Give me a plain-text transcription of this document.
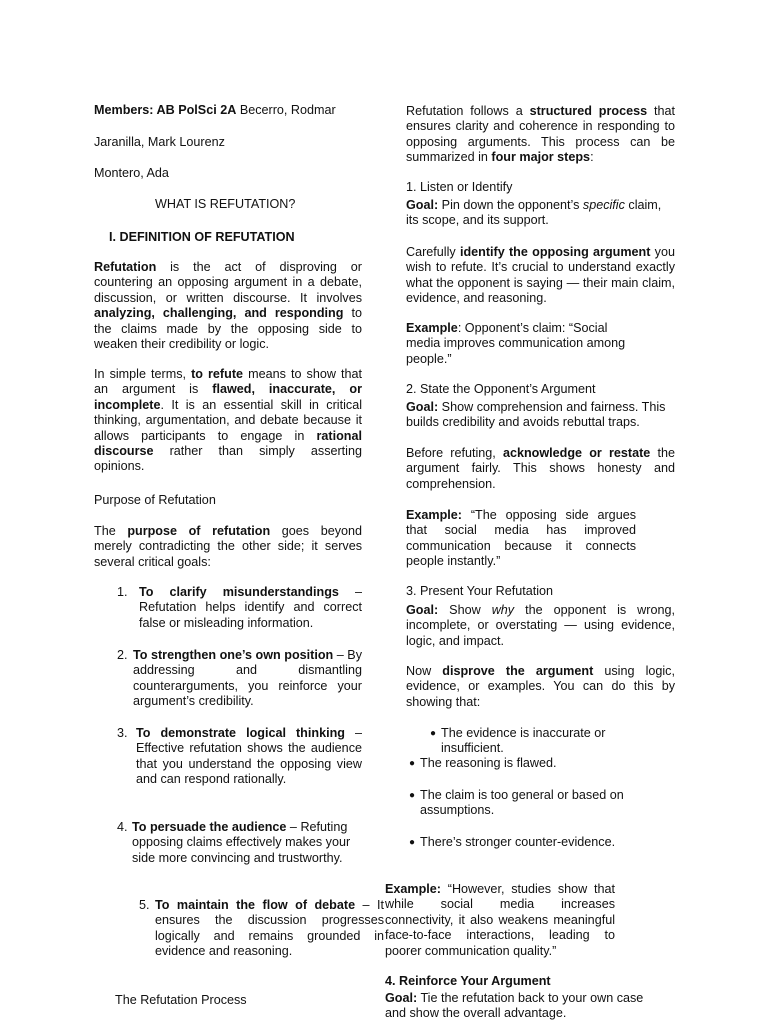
Members: AB PolSci 2A Becerro, Rodmar
Jaranilla, Mark Lourenz
Montero, Ada
WHAT IS REFUTATION?
I. DEFINITION OF REFUTATION

Refutation is the act of disproving or countering an opposing argument in a debate, discussion, or written discourse. It involves analyzing, challenging, and responding to the claims made by the opposing side to weaken their credibility or logic.

In simple terms, to refute means to show that an argument is flawed, inaccurate, or incomplete. It is an essential skill in critical thinking, argumentation, and debate because it allows participants to engage in rational discourse rather than simply asserting opinions.

Purpose of Refutation

The purpose of refutation goes beyond merely contradicting the other side; it serves several critical goals:

1. To clarify misunderstandings – Refutation helps identify and correct false or misleading information.

2. To strengthen one’s own position – By addressing and dismantling counterarguments, you reinforce your argument’s credibility.

3. To demonstrate logical thinking – Effective refutation shows the audience that you understand the opposing view and can respond rationally.

4. To persuade the audience – Refuting opposing claims effectively makes your side more convincing and trustworthy.

5. To maintain the flow of debate – It ensures the discussion progresses logically and remains grounded in evidence and reasoning.

The Refutation Process

Refutation follows a structured process that ensures clarity and coherence in responding to opposing arguments. This process can be summarized in four major steps:

1. Listen or Identify

Goal: Pin down the opponent’s specific claim, its scope, and its support.

Carefully identify the opposing argument you wish to refute. It’s crucial to understand exactly what the opponent is saying — their main claim, evidence, and reasoning.

Example: Opponent’s claim: “Social media improves communication among people.”

2. State the Opponent’s Argument

Goal: Show comprehension and fairness. This builds credibility and avoids rebuttal traps.

Before refuting, acknowledge or restate the argument fairly. This shows honesty and comprehension.

Example: “The opposing side argues that social media has improved communication because it connects people instantly.”

3. Present Your Refutation

Goal: Show why the opponent is wrong, incomplete, or overstating — using evidence, logic, and impact.

Now disprove the argument using logic, evidence, or examples. You can do this by showing that:

● The evidence is inaccurate or insufficient.
● The reasoning is flawed.
● The claim is too general or based on assumptions.
● There’s stronger counter-evidence.

Example: “However, studies show that while social media increases connectivity, it also weakens meaningful face-to-face interactions, leading to poorer communication quality.”

4. Reinforce Your Argument

Goal: Tie the refutation back to your own case and show the overall advantage.
